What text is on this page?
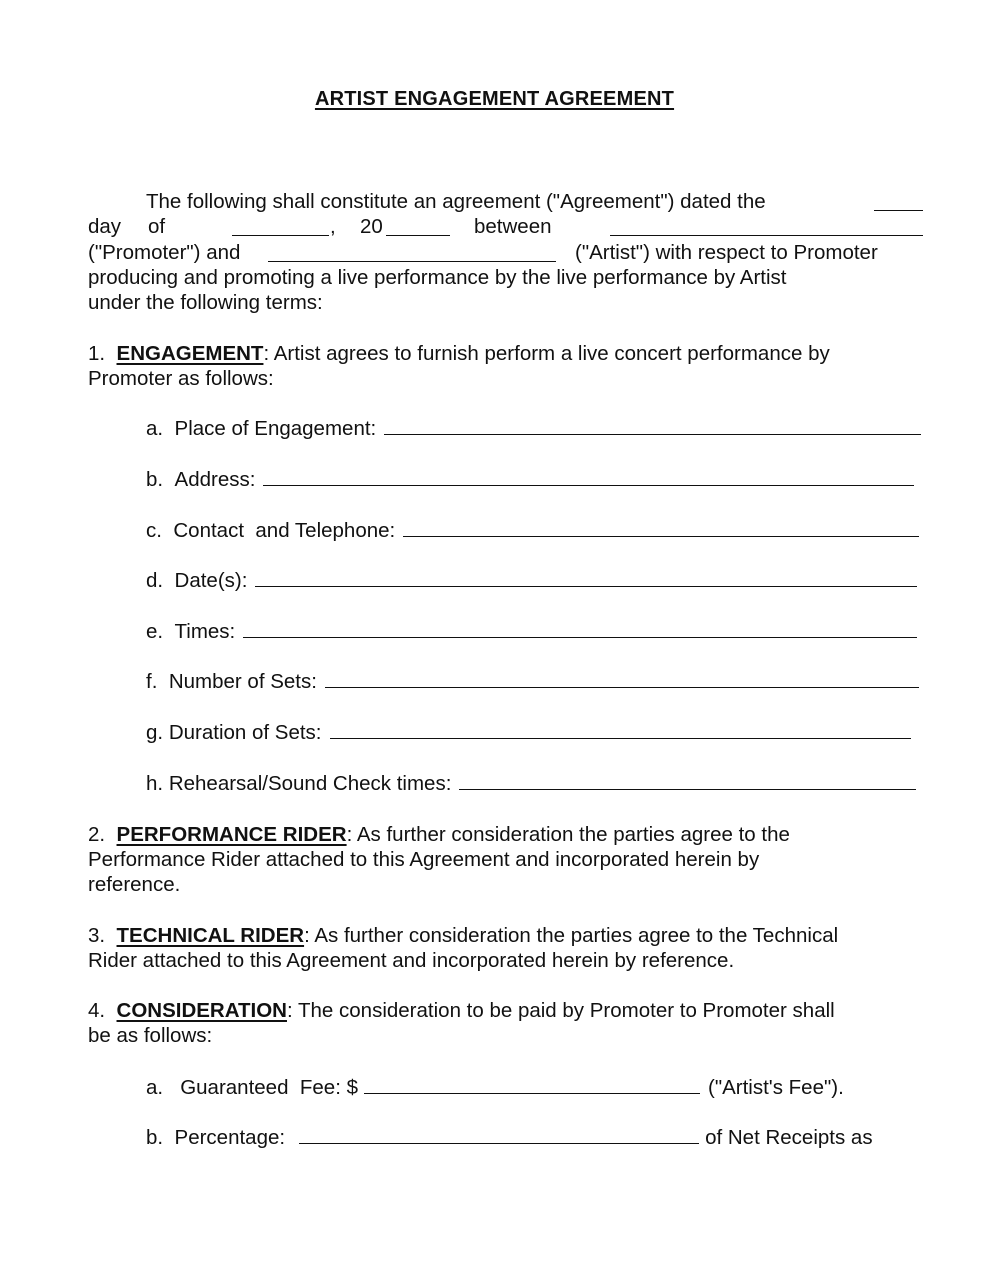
ARTIST ENGAGEMENT AGREEMENT
The following shall constitute an agreement ("Agreement") dated the
day of	, 20	between
("Promoter") and	("Artist") with respect to Promoter
producing and promoting a live performance by the live performance by Artist
under the following terms:
1. ENGAGEMENT: Artist agrees to furnish perform a live concert performance by
Promoter as follows:
a.
Place of Engagement:
b.
Address:
c.
Contact  and Telephone:
d.
Date(s):
e.
Times:
f.
Number of Sets:
g.
Duration of Sets:
h.
Rehearsal/Sound Check times:
2. PERFORMANCE RIDER: As further consideration the parties agree to the
Performance Rider attached to this Agreement and incorporated herein by
reference.
3. TECHNICAL RIDER: As further consideration the parties agree to the Technical
Rider attached to this Agreement and incorporated herein by reference.
4. CONSIDERATION: The consideration to be paid by Promoter to Promoter shall
be as follows:
a.
Guaranteed  Fee: $	("Artist's Fee").
b.
Percentage:	of Net Receipts as
